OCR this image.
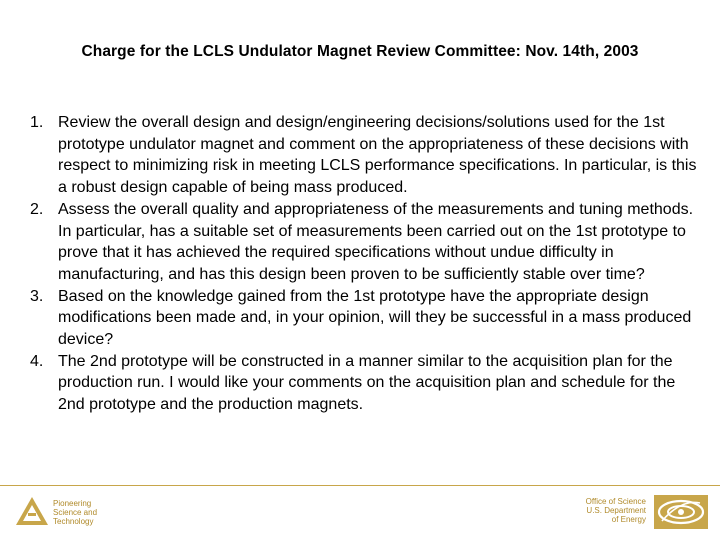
Charge for the LCLS Undulator Magnet Review Committee: Nov. 14th, 2003
1. Review the overall design and design/engineering decisions/solutions used for the 1st prototype undulator magnet and comment on the appropriateness of these decisions with respect to minimizing risk in meeting LCLS performance specifications. In particular, is this a robust design capable of being mass produced.
2. Assess the overall quality and appropriateness of the measurements and tuning methods. In particular, has a suitable set of measurements been carried out on the 1st prototype to prove that it has achieved the required specifications without undue difficulty in manufacturing, and has this design been proven to be sufficiently stable over time?
3. Based on the knowledge gained from the 1st prototype have the appropriate design modifications been made and, in your opinion, will they be successful in a mass produced device?
4. The 2nd prototype will be constructed in a manner similar to the acquisition plan for the production run. I would like your comments on the acquisition plan and schedule for the 2nd prototype and the production magnets.
Pioneering
Science and
Technology
Office of Science
U.S. Department
of Energy
